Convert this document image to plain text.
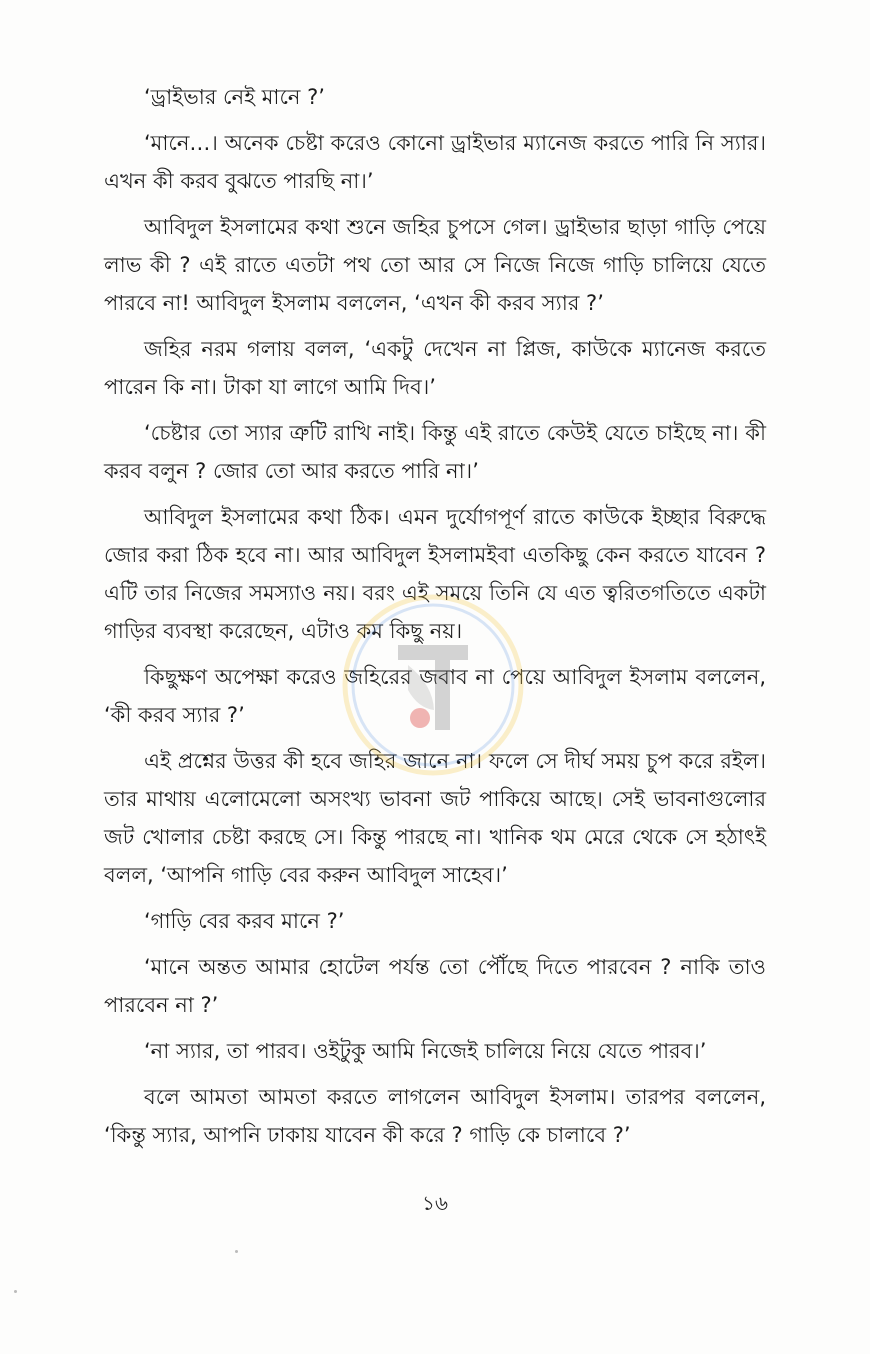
‘ড্রাইভার নেই মানে ?’

‘মানে…। অনেক চেষ্টা করেও কোনো ড্রাইভার ম্যানেজ করতে পারি নি স্যার। এখন কী করব বুঝতে পারছি না।’

আবিদুল ইসলামের কথা শুনে জহির চুপসে গেল। ড্রাইভার ছাড়া গাড়ি পেয়ে লাভ কী ? এই রাতে এতটা পথ তো আর সে নিজে নিজে গাড়ি চালিয়ে যেতে পারবে না! আবিদুল ইসলাম বললেন, ‘এখন কী করব স্যার ?’

জহির নরম গলায় বলল, ‘একটু দেখেন না প্লিজ, কাউকে ম্যানেজ করতে পারেন কি না। টাকা যা লাগে আমি দিব।’

‘চেষ্টার তো স্যার ত্রুটি রাখি নাই। কিন্তু এই রাতে কেউই যেতে চাইছে না। কী করব বলুন ? জোর তো আর করতে পারি না।’

আবিদুল ইসলামের কথা ঠিক। এমন দুর্যোগপূর্ণ রাতে কাউকে ইচ্ছার বিরুদ্ধে জোর করা ঠিক হবে না। আর আবিদুল ইসলামইবা এতকিছু কেন করতে যাবেন ? এটি তার নিজের সমস্যাও নয়। বরং এই সময়ে তিনি যে এত ত্বরিতগতিতে একটা গাড়ির ব্যবস্থা করেছেন, এটাও কম কিছু নয়।

কিছুক্ষণ অপেক্ষা করেও জহিরের জবাব না পেয়ে আবিদুল ইসলাম বললেন, ‘কী করব স্যার ?’

এই প্রশ্নের উত্তর কী হবে জহির জানে না। ফলে সে দীর্ঘ সময় চুপ করে রইল। তার মাথায় এলোমেলো অসংখ্য ভাবনা জট পাকিয়ে আছে। সেই ভাবনাগুলোর জট খোলার চেষ্টা করছে সে। কিন্তু পারছে না। খানিক থম মেরে থেকে সে হঠাৎই বলল, ‘আপনি গাড়ি বের করুন আবিদুল সাহেব।’

‘গাড়ি বের করব মানে ?’

‘মানে অন্তত আমার হোটেল পর্যন্ত তো পৌঁছে দিতে পারবেন ? নাকি তাও পারবেন না ?’

‘না স্যার, তা পারব। ওইটুকু আমি নিজেই চালিয়ে নিয়ে যেতে পারব।’

বলে আমতা আমতা করতে লাগলেন আবিদুল ইসলাম। তারপর বললেন, ‘কিন্তু স্যার, আপনি ঢাকায় যাবেন কী করে ? গাড়ি কে চালাবে ?’

১৬
